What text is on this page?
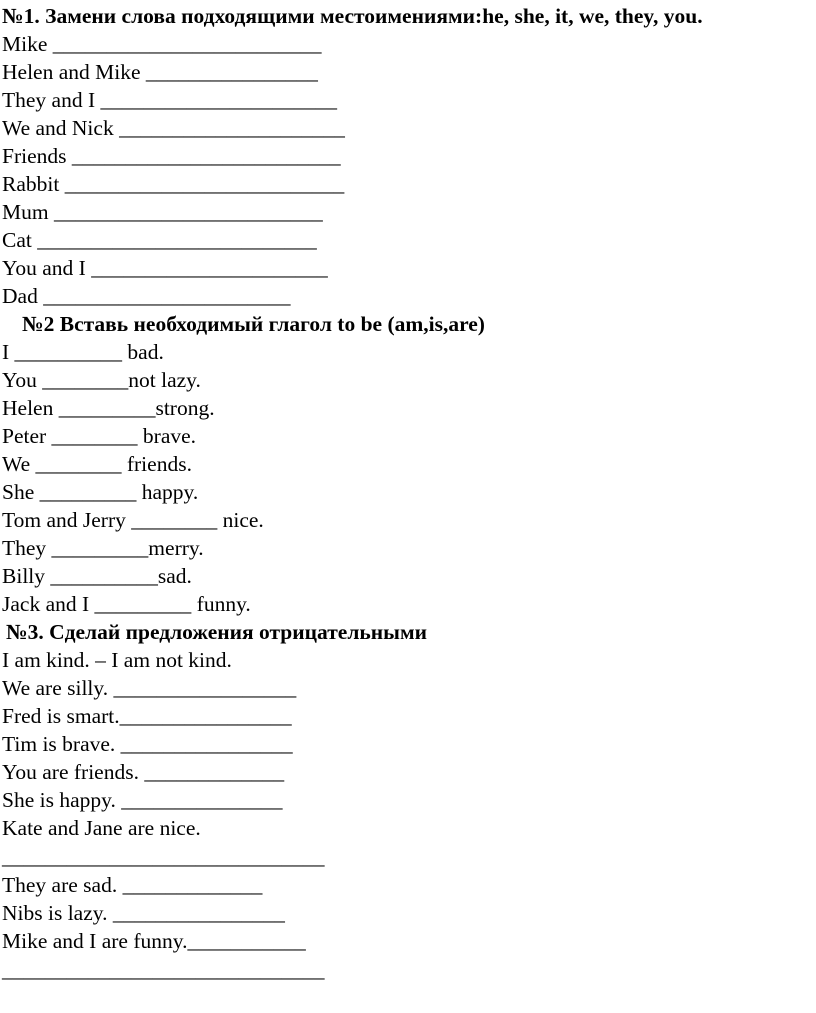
№1. Замени слова подходящими местоимениями:he, she, it, we, they, you.
Mike _________________________
Helen and Mike ________________
They and I ______________________
We and Nick _____________________
Friends _________________________
Rabbit __________________________
Mum _________________________
Cat __________________________
You and I ______________________
Dad _______________________
№2 Вставь необходимый глагол to be (am,is,are)
I __________ bad.
You ________not lazy.
Helen _________strong.
Peter ________ brave.
We ________ friends.
She _________ happy.
Tom and Jerry ________ nice.
They _________merry.
Billy __________sad.
Jack and I _________ funny.
№3. Сделай предложения отрицательными
I am kind. – I am not kind.
We are silly. _________________
Fred is smart.________________
Tim is brave. ________________
You are friends. _____________
She is happy. _______________
Kate and Jane are nice.
______________________________
They are sad. _____________
Nibs is lazy. ________________
Mike and I are funny.___________
______________________________
